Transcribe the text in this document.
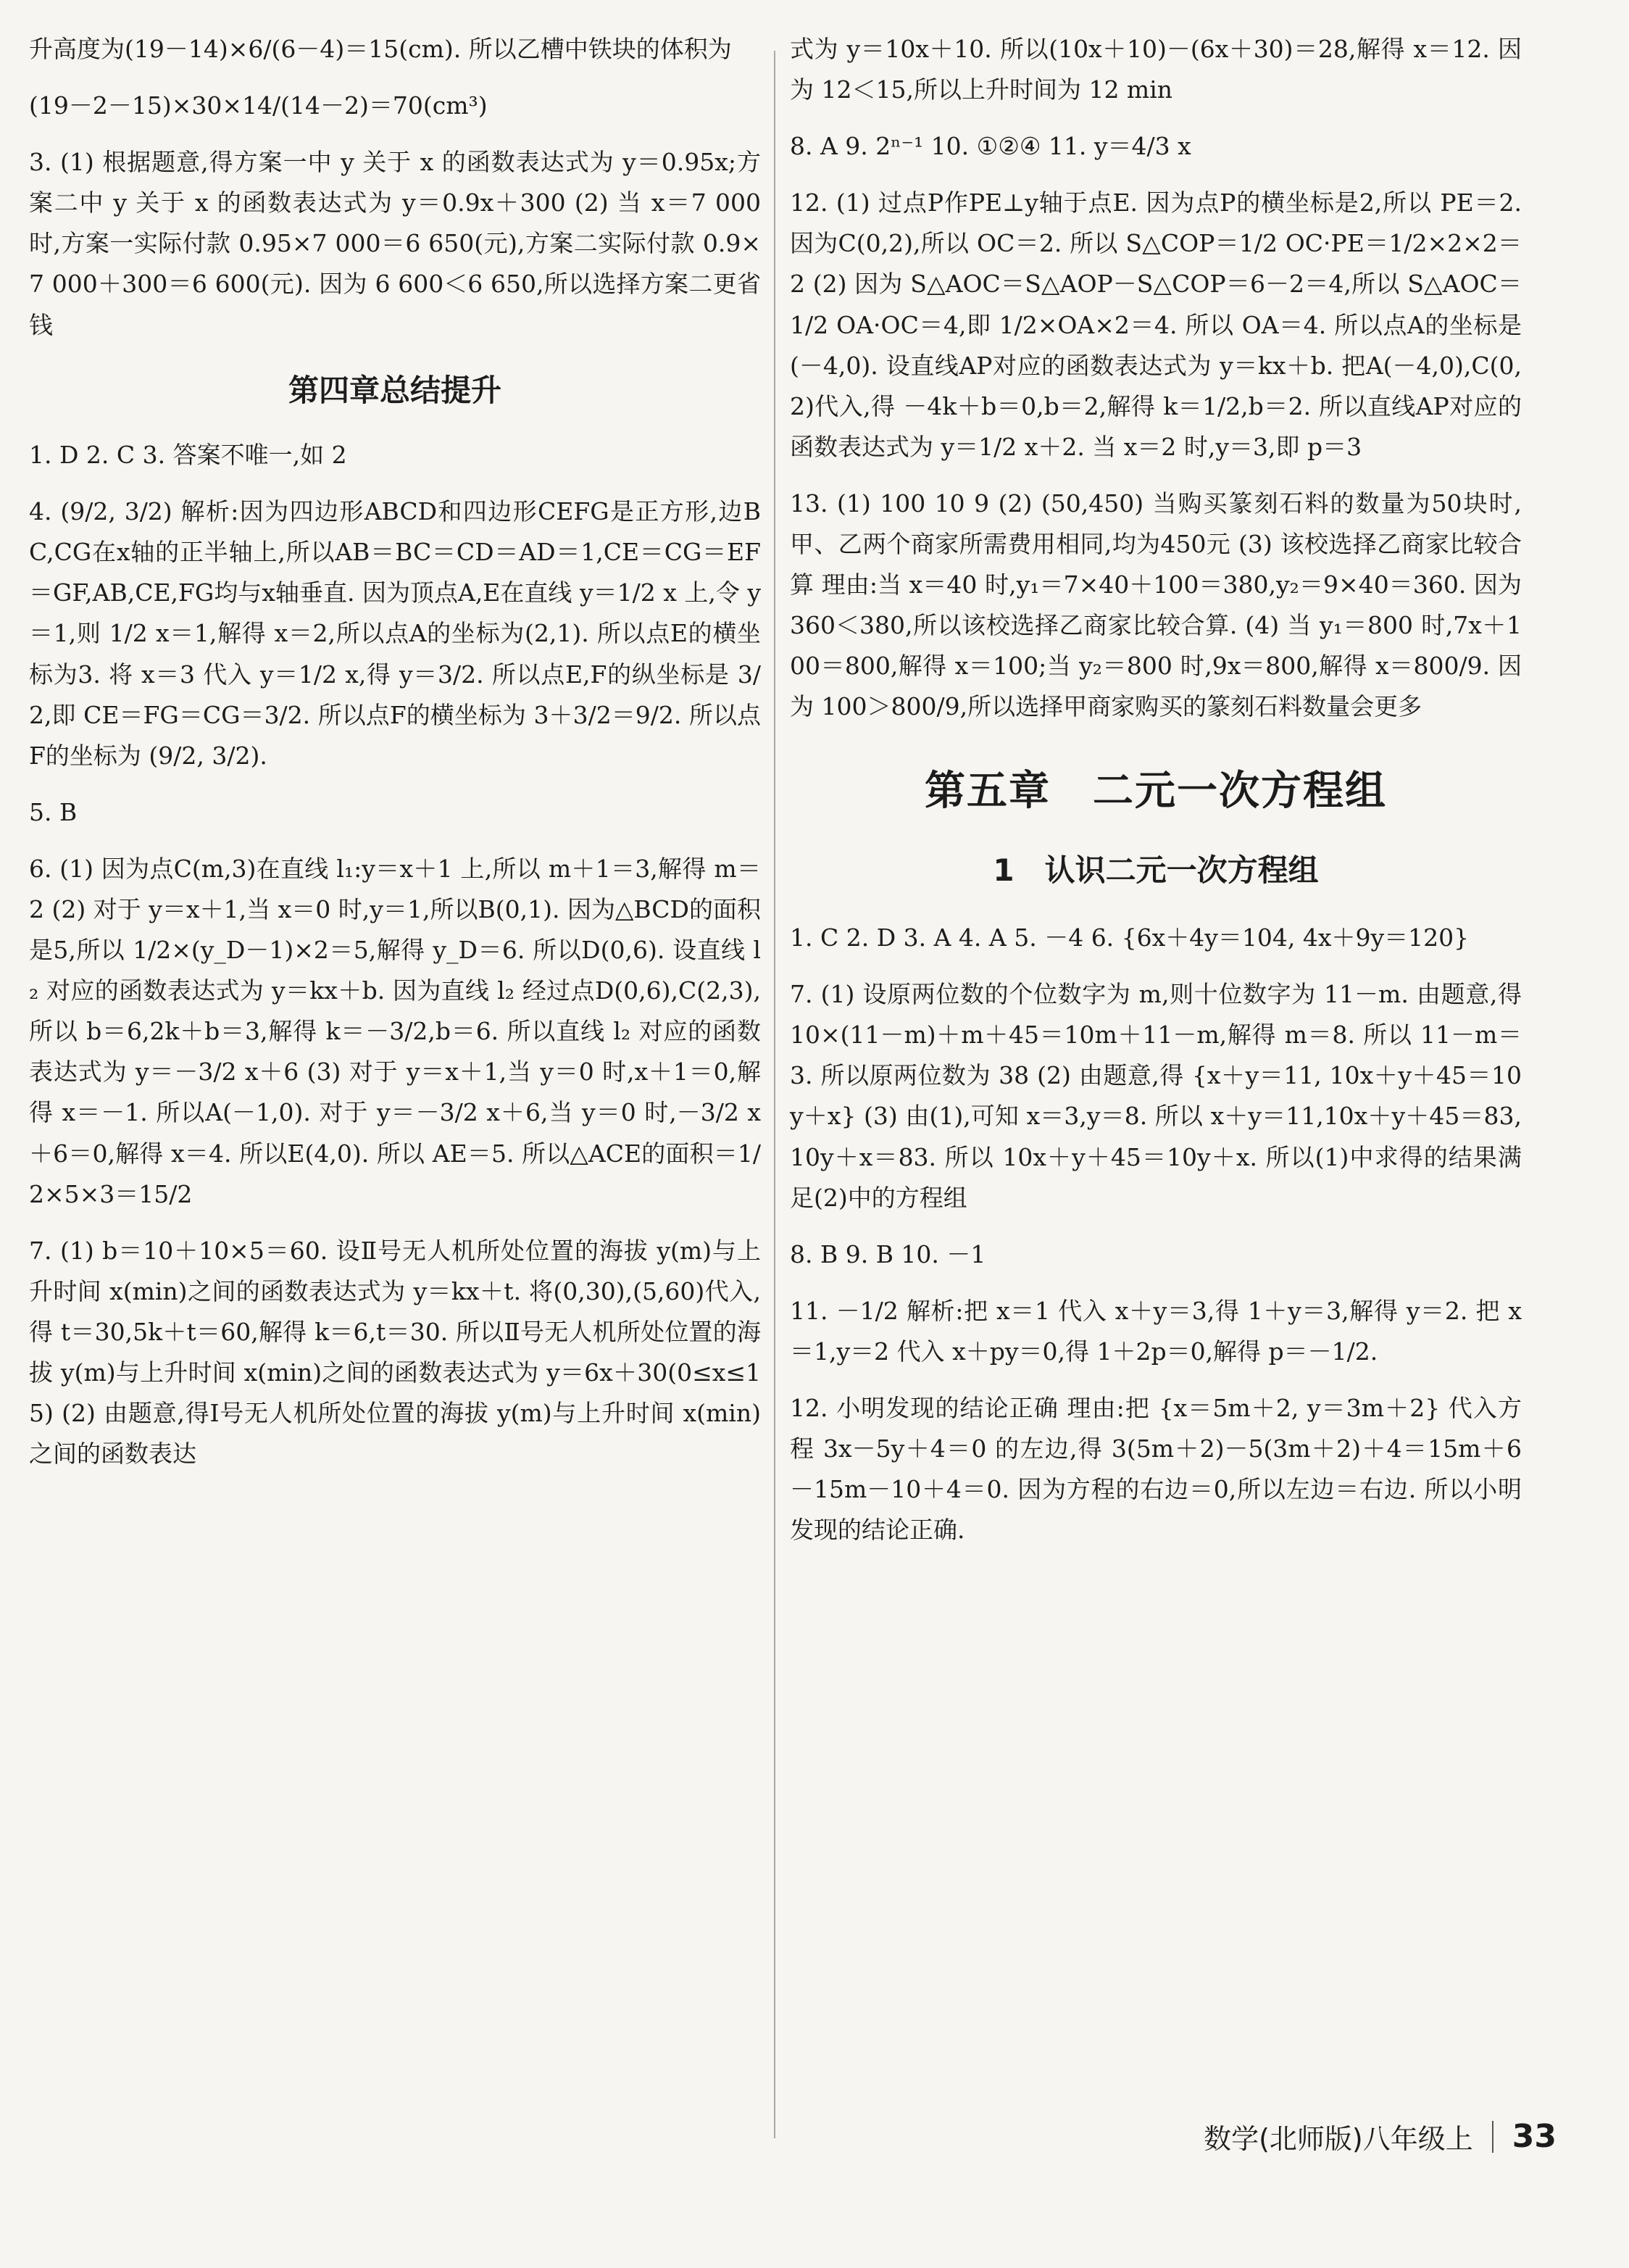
升高度为(19－14)×6/(6－4)＝15(cm). 所以乙槽中铁块的体积为

(19－2－15)×30×14/(14－2)＝70(cm³)

3. (1) 根据题意,得方案一中 y 关于 x 的函数表达式为 y＝0.95x;方案二中 y 关于 x 的函数表达式为 y＝0.9x＋300 (2) 当 x＝7 000 时,方案一实际付款 0.95×7 000＝6 650(元),方案二实际付款 0.9×7 000＋300＝6 600(元). 因为 6 600＜6 650,所以选择方案二更省钱

第四章总结提升

1. D 2. C 3. 答案不唯一,如 2

4. (9/2, 3/2) 解析:因为四边形ABCD和四边形CEFG是正方形,边BC,CG在x轴的正半轴上,所以AB＝BC＝CD＝AD＝1,CE＝CG＝EF＝GF,AB,CE,FG均与x轴垂直. 因为顶点A,E在直线 y＝1/2 x 上,令 y＝1,则 1/2 x＝1,解得 x＝2,所以点A的坐标为(2,1). 所以点E的横坐标为3. 将 x＝3 代入 y＝1/2 x,得 y＝3/2. 所以点E,F的纵坐标是 3/2,即 CE＝FG＝CG＝3/2. 所以点F的横坐标为 3＋3/2＝9/2. 所以点F的坐标为 (9/2, 3/2).

5. B

6. (1) 因为点C(m,3)在直线 l₁:y＝x＋1 上,所以 m＋1＝3,解得 m＝2 (2) 对于 y＝x＋1,当 x＝0 时,y＝1,所以B(0,1). 因为△BCD的面积是5,所以 1/2×(y_D－1)×2＝5,解得 y_D＝6. 所以D(0,6). 设直线 l₂ 对应的函数表达式为 y＝kx＋b. 因为直线 l₂ 经过点D(0,6),C(2,3),所以 b＝6,2k＋b＝3,解得 k＝－3/2,b＝6. 所以直线 l₂ 对应的函数表达式为 y＝－3/2 x＋6 (3) 对于 y＝x＋1,当 y＝0 时,x＋1＝0,解得 x＝－1. 所以A(－1,0). 对于 y＝－3/2 x＋6,当 y＝0 时,－3/2 x＋6＝0,解得 x＝4. 所以E(4,0). 所以 AE＝5. 所以△ACE的面积＝1/2×5×3＝15/2

7. (1) b＝10＋10×5＝60. 设Ⅱ号无人机所处位置的海拔 y(m)与上升时间 x(min)之间的函数表达式为 y＝kx＋t. 将(0,30),(5,60)代入,得 t＝30,5k＋t＝60,解得 k＝6,t＝30. 所以Ⅱ号无人机所处位置的海拔 y(m)与上升时间 x(min)之间的函数表达式为 y＝6x＋30(0≤x≤15) (2) 由题意,得Ⅰ号无人机所处位置的海拔 y(m)与上升时间 x(min)之间的函数表达

式为 y＝10x＋10. 所以(10x＋10)－(6x＋30)＝28,解得 x＝12. 因为 12＜15,所以上升时间为 12 min

8. A 9. 2ⁿ⁻¹ 10. ①②④ 11. y＝4/3 x

12. (1) 过点P作PE⊥y轴于点E. 因为点P的横坐标是2,所以 PE＝2. 因为C(0,2),所以 OC＝2. 所以 S△COP＝1/2 OC·PE＝1/2×2×2＝2 (2) 因为 S△AOC＝S△AOP－S△COP＝6－2＝4,所以 S△AOC＝1/2 OA·OC＝4,即 1/2×OA×2＝4. 所以 OA＝4. 所以点A的坐标是(－4,0). 设直线AP对应的函数表达式为 y＝kx＋b. 把A(－4,0),C(0,2)代入,得 －4k＋b＝0,b＝2,解得 k＝1/2,b＝2. 所以直线AP对应的函数表达式为 y＝1/2 x＋2. 当 x＝2 时,y＝3,即 p＝3

13. (1) 100 10 9 (2) (50,450) 当购买篆刻石料的数量为50块时,甲、乙两个商家所需费用相同,均为450元 (3) 该校选择乙商家比较合算 理由:当 x＝40 时,y₁＝7×40＋100＝380,y₂＝9×40＝360. 因为 360＜380,所以该校选择乙商家比较合算. (4) 当 y₁＝800 时,7x＋100＝800,解得 x＝100;当 y₂＝800 时,9x＝800,解得 x＝800/9. 因为 100＞800/9,所以选择甲商家购买的篆刻石料数量会更多

第五章　二元一次方程组
1　认识二元一次方程组

1. C 2. D 3. A 4. A 5. －4 6. {6x＋4y＝104, 4x＋9y＝120}

7. (1) 设原两位数的个位数字为 m,则十位数字为 11－m. 由题意,得 10×(11－m)＋m＋45＝10m＋11－m,解得 m＝8. 所以 11－m＝3. 所以原两位数为 38 (2) 由题意,得 {x＋y＝11, 10x＋y＋45＝10y＋x} (3) 由(1),可知 x＝3,y＝8. 所以 x＋y＝11,10x＋y＋45＝83,10y＋x＝83. 所以 10x＋y＋45＝10y＋x. 所以(1)中求得的结果满足(2)中的方程组

8. B 9. B 10. －1

11. －1/2 解析:把 x＝1 代入 x＋y＝3,得 1＋y＝3,解得 y＝2. 把 x＝1,y＝2 代入 x＋py＝0,得 1＋2p＝0,解得 p＝－1/2.

12. 小明发现的结论正确 理由:把 {x＝5m＋2, y＝3m＋2} 代入方程 3x－5y＋4＝0 的左边,得 3(5m＋2)－5(3m＋2)＋4＝15m＋6－15m－10＋4＝0. 因为方程的右边＝0,所以左边＝右边. 所以小明发现的结论正确.

数学(北师版)八年级上 33
